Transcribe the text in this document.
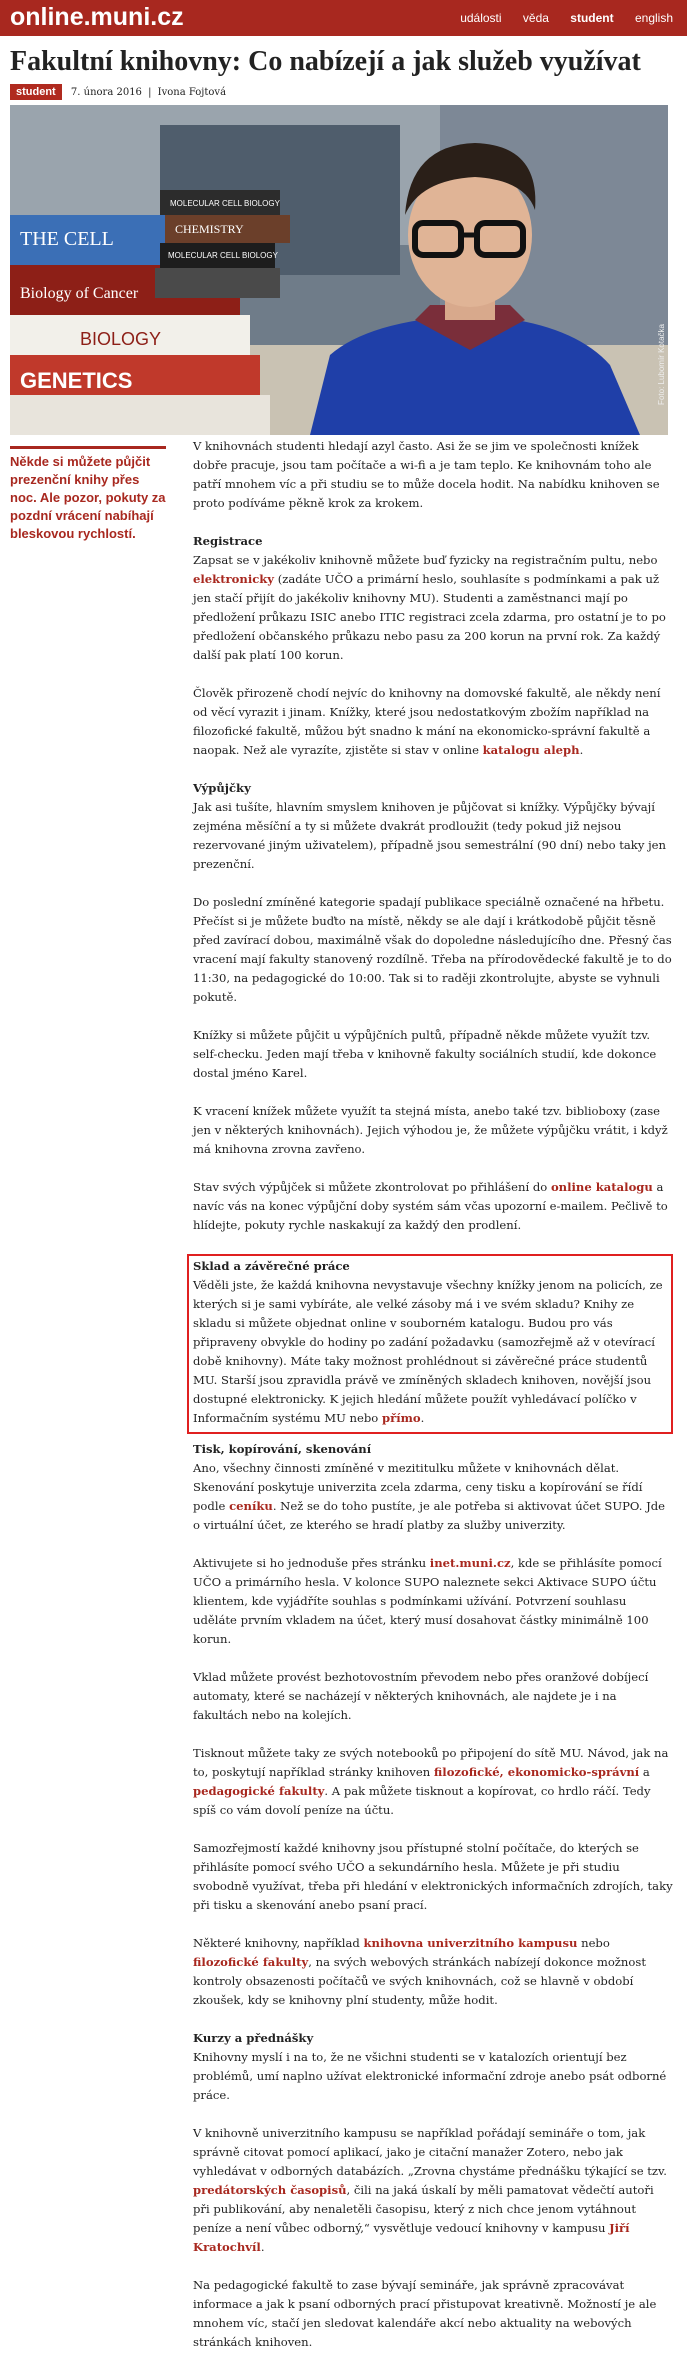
online.muni.cz	události věda student english
Fakultní knihovny: Co nabízejí a jak služeb využívat
student 7. února 2016 | Ivona Fojtová
MOLECULAR CELL BIOLOGY
CHEMISTRY
MOLECULAR CELL BIOLOGY
THE CELL
Biology of Cancer
BIOLOGY
GENETICS	Foto: Lubomír Kotačka
Někde si můžete půjčit prezenční knihy přes noc. Ale pozor, pokuty za pozdní vrácení nabíhají bleskovou rychlostí.

V knihovnách studenti hledají azyl často. Asi že se jim ve společnosti knížek dobře pracuje, jsou tam počítače a wi-fi a je tam teplo. Ke knihovnám toho ale patří mnohem víc a při studiu se to může docela hodit. Na nabídku knihoven se proto podíváme pěkně krok za krokem.

Registrace
Zapsat se v jakékoliv knihovně můžete buď fyzicky na registračním pultu, nebo elektronicky (zadáte UČO a primární heslo, souhlasíte s podmínkami a pak už jen stačí přijít do jakékoliv knihovny MU). Studenti a zaměstnanci mají po předložení průkazu ISIC anebo ITIC registraci zcela zdarma, pro ostatní je to po předložení občanského průkazu nebo pasu za 200 korun na první rok. Za každý další pak platí 100 korun.

Člověk přirozeně chodí nejvíc do knihovny na domovské fakultě, ale někdy není od věcí vyrazit i jinam. Knížky, které jsou nedostatkovým zbožím například na filozofické fakultě, můžou být snadno k mání na ekonomicko-správní fakultě a naopak. Než ale vyrazíte, zjistěte si stav v online katalogu aleph.

Výpůjčky
Jak asi tušíte, hlavním smyslem knihoven je půjčovat si knížky. Výpůjčky bývají zejména měsíční a ty si můžete dvakrát prodloužit (tedy pokud již nejsou rezervované jiným uživatelem), případně jsou semestrální (90 dní) nebo taky jen prezenční.

Do poslední zmíněné kategorie spadají publikace speciálně označené na hřbetu. Přečíst si je můžete buďto na místě, někdy se ale dají i krátkodobě půjčit těsně před zavírací dobou, maximálně však do dopoledne následujícího dne. Přesný čas vracení mají fakulty stanovený rozdílně. Třeba na přírodovědecké fakultě je to do 11:30, na pedagogické do 10:00. Tak si to raději zkontrolujte, abyste se vyhnuli pokutě.

Knížky si můžete půjčit u výpůjčních pultů, případně někde můžete využít tzv. self-checku. Jeden mají třeba v knihovně fakulty sociálních studií, kde dokonce dostal jméno Karel.

K vracení knížek můžete využít ta stejná místa, anebo také tzv. biblioboxy (zase jen v některých knihovnách). Jejich výhodou je, že můžete výpůjčku vrátit, i když má knihovna zrovna zavřeno.

Stav svých výpůjček si můžete zkontrolovat po přihlášení do online katalogu a navíc vás na konec výpůjční doby systém sám včas upozorní e-mailem. Pečlivě to hlídejte, pokuty rychle naskakují za každý den prodlení.

Sklad a závěrečné práce
Věděli jste, že každá knihovna nevystavuje všechny knížky jenom na policích, ze kterých si je sami vybíráte, ale velké zásoby má i ve svém skladu? Knihy ze skladu si můžete objednat online v souborném katalogu. Budou pro vás připraveny obvykle do hodiny po zadání požadavku (samozřejmě až v otevírací době knihovny). Máte taky možnost prohlédnout si závěrečné práce studentů MU. Starší jsou zpravidla právě ve zmíněných skladech knihoven, novější jsou dostupné elektronicky. K jejich hledání můžete použít vyhledávací políčko v Informačním systému MU nebo přímo.

Tisk, kopírování, skenování
Ano, všechny činnosti zmíněné v mezititulku můžete v knihovnách dělat. Skenování poskytuje univerzita zcela zdarma, ceny tisku a kopírování se řídí podle ceníku. Než se do toho pustíte, je ale potřeba si aktivovat účet SUPO. Jde o virtuální účet, ze kterého se hradí platby za služby univerzity.

Aktivujete si ho jednoduše přes stránku inet.muni.cz, kde se přihlásíte pomocí UČO a primárního hesla. V kolonce SUPO naleznete sekci Aktivace SUPO účtu klientem, kde vyjádříte souhlas s podmínkami užívání. Potvrzení souhlasu uděláte prvním vkladem na účet, který musí dosahovat částky minimálně 100 korun.

Vklad můžete provést bezhotovostním převodem nebo přes oranžové dobíjecí automaty, které se nacházejí v některých knihovnách, ale najdete je i na fakultách nebo na kolejích.

Tisknout můžete taky ze svých notebooků po připojení do sítě MU. Návod, jak na to, poskytují například stránky knihoven filozofické, ekonomicko-správní a pedagogické fakulty. A pak můžete tisknout a kopírovat, co hrdlo ráčí. Tedy spíš co vám dovolí peníze na účtu.

Samozřejmostí každé knihovny jsou přístupné stolní počítače, do kterých se přihlásíte pomocí svého UČO a sekundárního hesla. Můžete je při studiu svobodně využívat, třeba při hledání v elektronických informačních zdrojích, taky při tisku a skenování anebo psaní prací.

Některé knihovny, například knihovna univerzitního kampusu nebo filozofické fakulty, na svých webových stránkách nabízejí dokonce možnost kontroly obsazenosti počítačů ve svých knihovnách, což se hlavně v období zkoušek, kdy se knihovny plní studenty, může hodit.

Kurzy a přednášky
Knihovny myslí i na to, že ne všichni studenti se v katalozích orientují bez problémů, umí naplno užívat elektronické informační zdroje anebo psát odborné práce.

V knihovně univerzitního kampusu se například pořádají semináře o tom, jak správně citovat pomocí aplikací, jako je citační manažer Zotero, nebo jak vyhledávat v odborných databázích. „Zrovna chystáme přednášku týkající se tzv. predátorských časopisů, čili na jaká úskalí by měli pamatovat vědečtí autoři při publikování, aby nenaletěli časopisu, který z nich chce jenom vytáhnout peníze a není vůbec odborný,“ vysvětluje vedoucí knihovny v kampusu Jiří Kratochvíl.

Na pedagogické fakultě to zase bývají semináře, jak správně zpracovávat informace a jak k psaní odborných prací přistupovat kreativně. Možností je ale mnohem víc, stačí jen sledovat kalendáře akcí nebo aktuality na webových stránkách knihoven.
